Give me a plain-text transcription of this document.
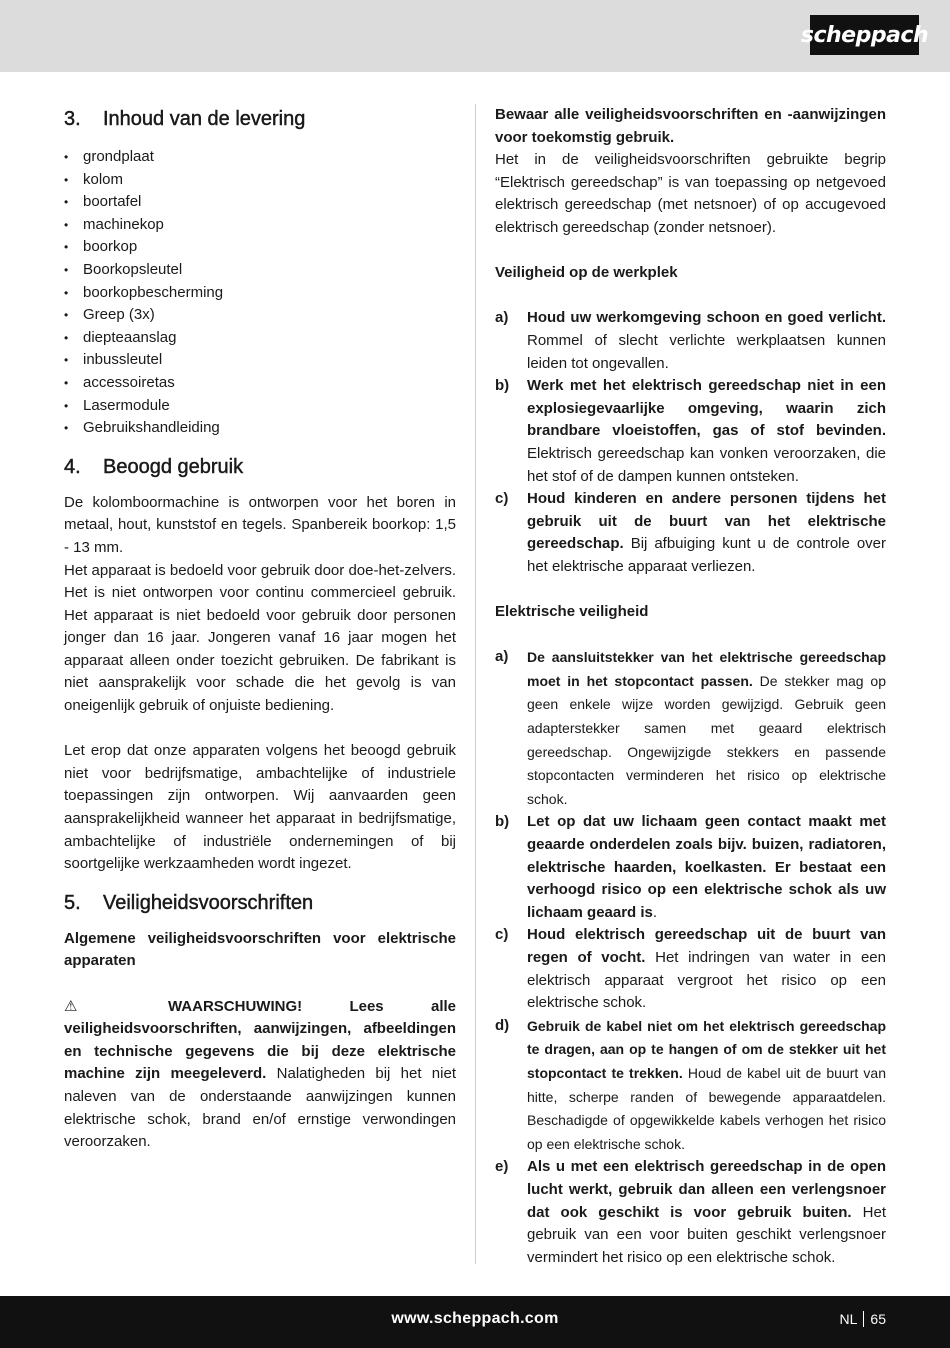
scheppach
3. Inhoud van de levering
• grondplaat
• kolom
• boortafel
• machinekop
• boorkop
• Boorkopsleutel
• boorkopbescherming
• Greep (3x)
• diepteaanslag
• inbussleutel
• accessoiretas
• Lasermodule
• Gebruikshandleiding
4. Beoogd gebruik

De kolomboormachine is ontworpen voor het boren in metaal, hout, kunststof en tegels. Spanbereik boorkop: 1,5 - 13 mm.

Het apparaat is bedoeld voor gebruik door doe-het-zelvers. Het is niet ontworpen voor continu commercieel gebruik. Het apparaat is niet bedoeld voor gebruik door personen jonger dan 16 jaar. Jongeren vanaf 16 jaar mogen het apparaat alleen onder toezicht gebruiken. De fabrikant is niet aansprakelijk voor schade die het gevolg is van oneigenlijk gebruik of onjuiste bediening.

Let erop dat onze apparaten volgens het beoogd gebruik niet voor bedrijfsmatige, ambachtelijke of industriele toepassingen zijn ontworpen. Wij aanvaarden geen aansprakelijkheid wanneer het apparaat in bedrijfsmatige, ambachtelijke of industriële ondernemingen of bij soortgelijke werkzaamheden wordt ingezet.

5. Veiligheidsvoorschriften

Algemene veiligheidsvoorschriften voor elektrische apparaten

⚠	WAARSCHUWING! Lees alle veiligheidsvoorschriften, aanwijzingen, afbeeldingen en technische gegevens die bij deze elektrische machine zijn meegeleverd. Nalatigheden bij het niet naleven van de onderstaande aanwijzingen kunnen elektrische schok, brand en/of ernstige verwondingen veroorzaken.

Bewaar alle veiligheidsvoorschriften en -aanwijzingen voor toekomstig gebruik.

Het in de veiligheidsvoorschriften gebruikte begrip “Elektrisch gereedschap” is van toepassing op netgevoed elektrisch gereedschap (met netsnoer) of op accugevoed elektrisch gereedschap (zonder netsnoer).

Veiligheid op de werkplek

a) Houd uw werkomgeving schoon en goed verlicht. Rommel of slecht verlichte werkplaatsen kunnen leiden tot ongevallen.
b) Werk met het elektrisch gereedschap niet in een explosiegevaarlijke omgeving, waarin zich brandbare vloeistoffen, gas of stof bevinden. Elektrisch gereedschap kan vonken veroorzaken, die het stof of de dampen kunnen ontsteken.
c) Houd kinderen en andere personen tijdens het gebruik uit de buurt van het elektrische gereedschap. Bij afbuiging kunt u de controle over het elektrische apparaat verliezen.

Elektrische veiligheid

a) De aansluitstekker van het elektrische gereedschap moet in het stopcontact passen. De stekker mag op geen enkele wijze worden gewijzigd. Gebruik geen adapterstekker samen met geaard elektrisch gereedschap. Ongewijzigde stekkers en passende stopcontacten verminderen het risico op elektrische schok.
b) Let op dat uw lichaam geen contact maakt met geaarde onderdelen zoals bijv. buizen, radiatoren, elektrische haarden, koelkasten. Er bestaat een verhoogd risico op een elektrische schok als uw lichaam geaard is.
c) Houd elektrisch gereedschap uit de buurt van regen of vocht. Het indringen van water in een elektrisch apparaat vergroot het risico op een elektrische schok.
d) Gebruik de kabel niet om het elektrisch gereedschap te dragen, aan op te hangen of om de stekker uit het stopcontact te trekken. Houd de kabel uit de buurt van hitte, scherpe randen of bewegende apparaatdelen. Beschadigde of opgewikkelde kabels verhogen het risico op een elektrische schok.
e) Als u met een elektrisch gereedschap in de open lucht werkt, gebruik dan alleen een verlengsnoer dat ook geschikt is voor gebruik buiten. Het gebruik van een voor buiten geschikt verlengsnoer vermindert het risico op een elektrische schok.
www.scheppach.com	NL 65
